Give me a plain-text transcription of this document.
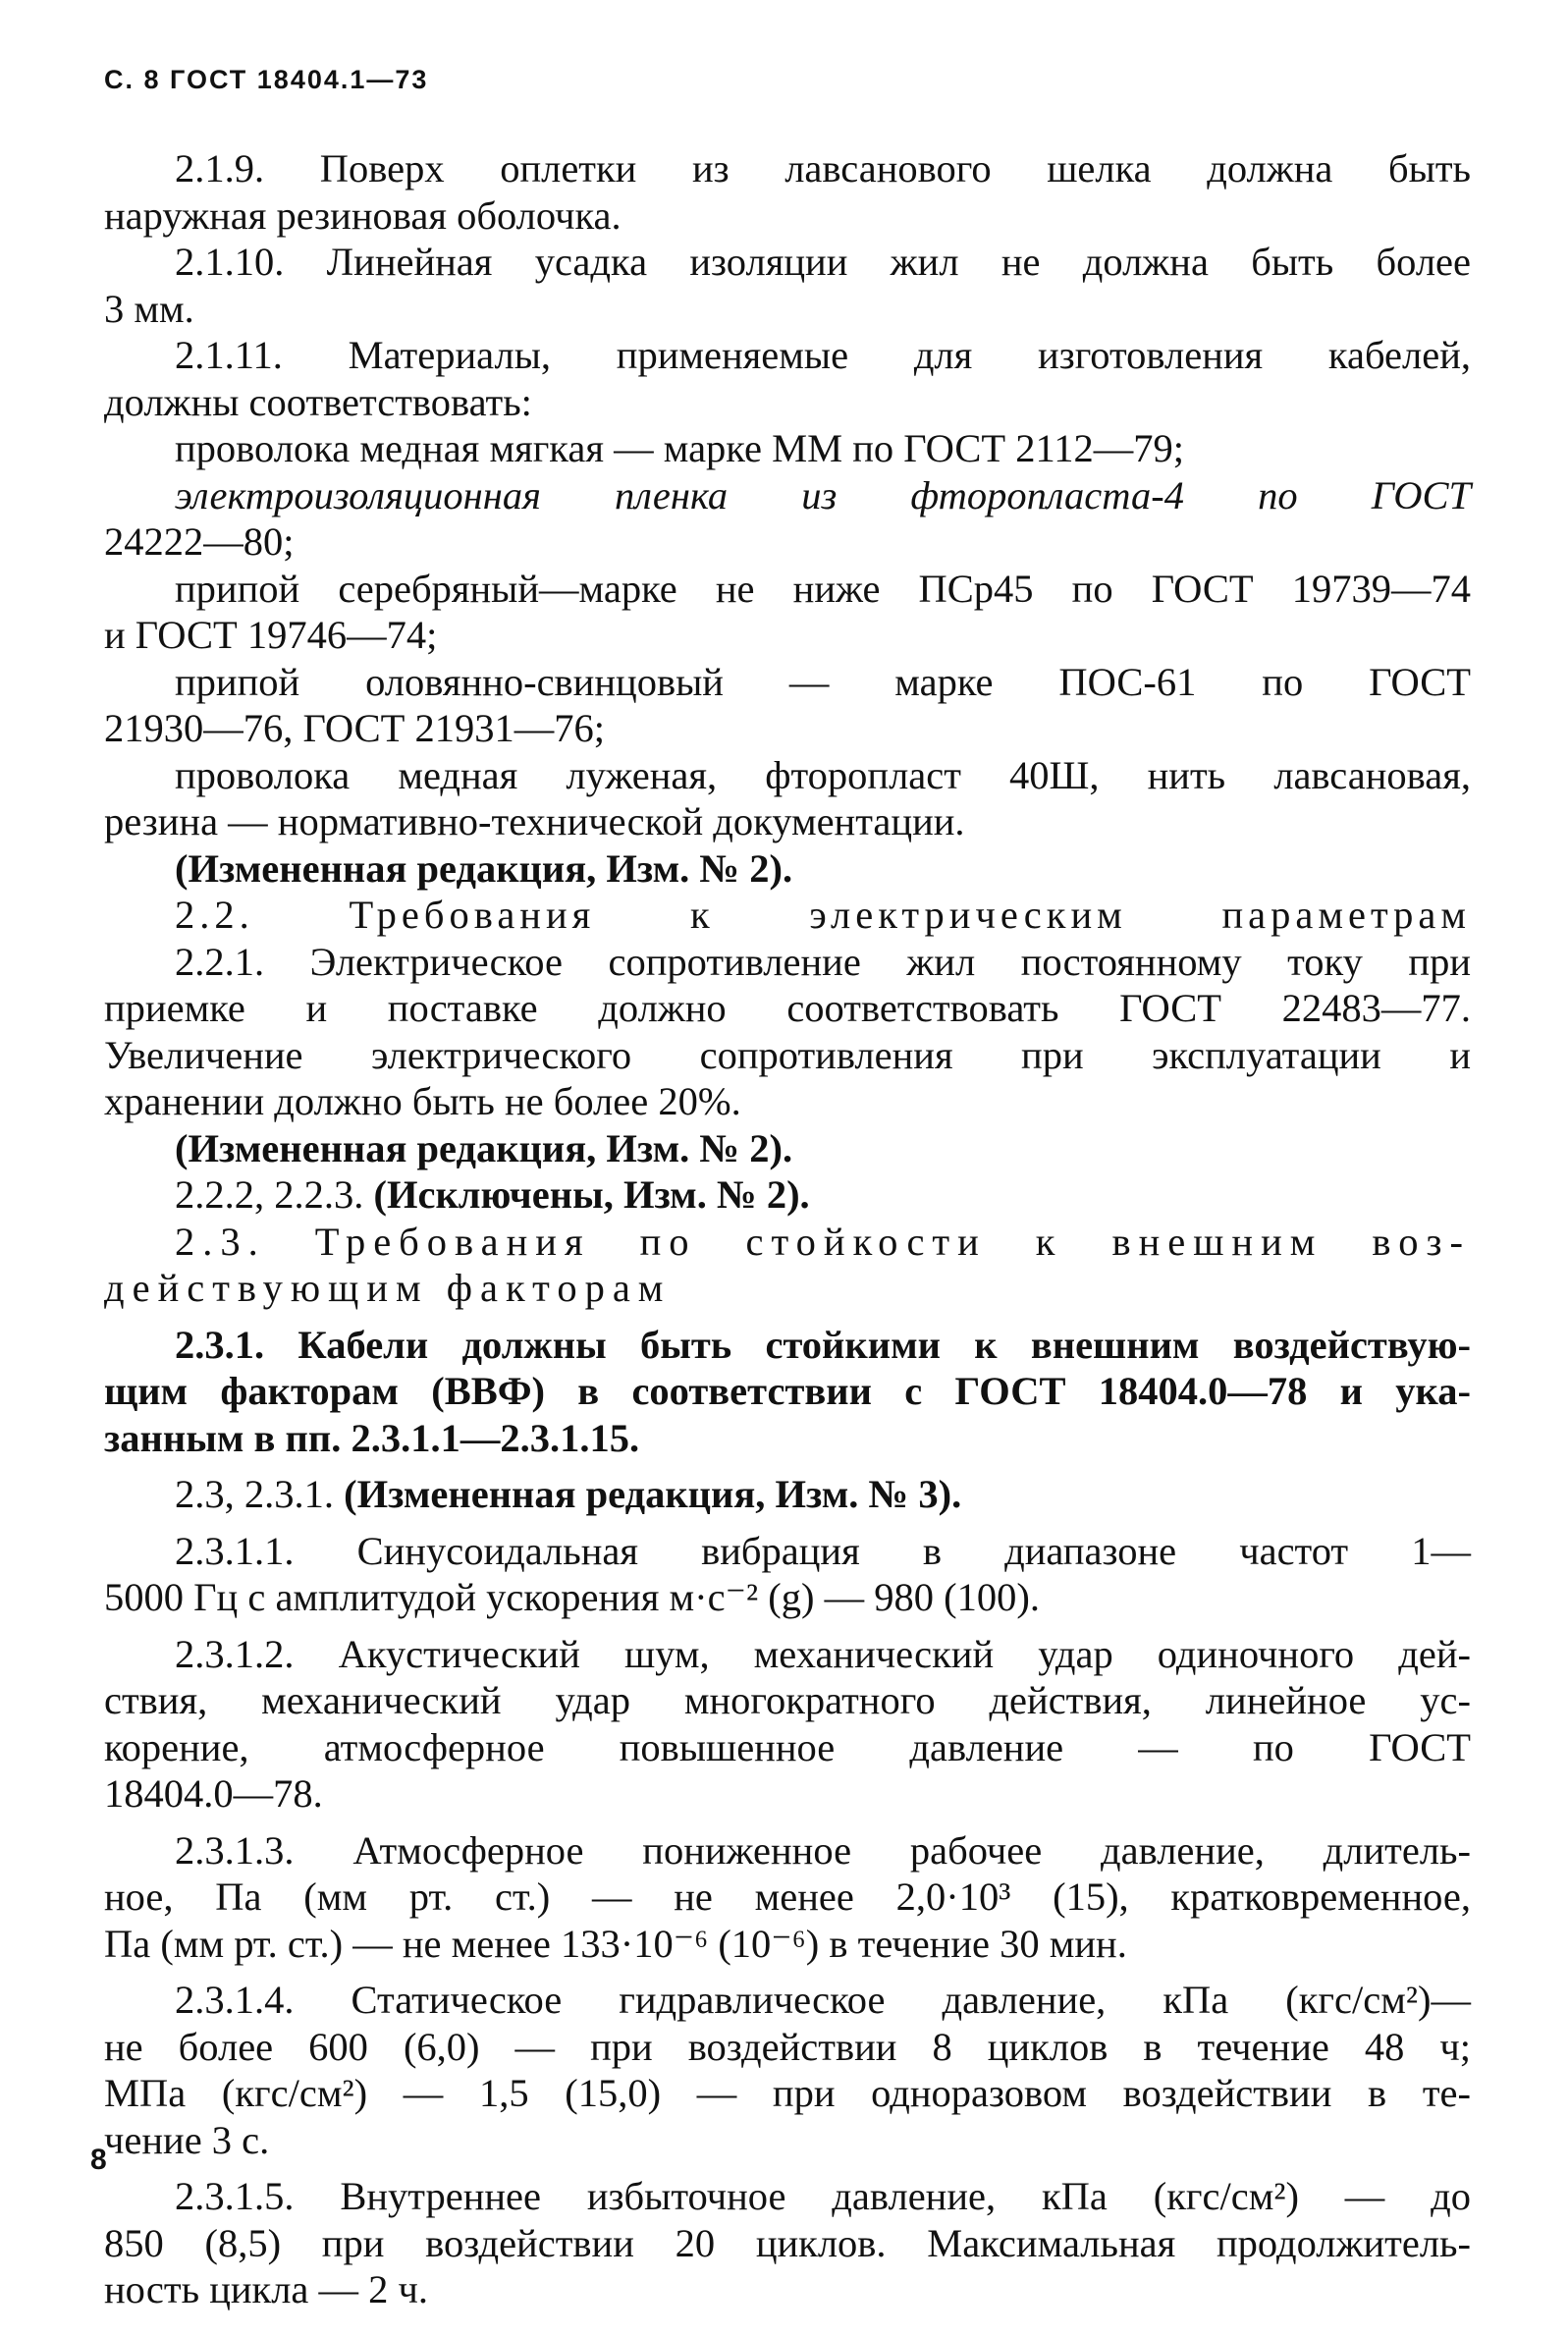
С. 8 ГОСТ 18404.1—73

2.1.9. Поверх оплетки из лавсанового шелка должна быть

наружная резиновая оболочка.

2.1.10. Линейная усадка изоляции жил не должна быть более

3 мм.

2.1.11. Материалы, применяемые для изготовления кабелей,

должны соответствовать:

проволока медная мягкая — марке ММ по ГОСТ 2112—79;

электроизоляционная пленка из фторопласта-4 по ГОСТ

24222—80;

припой серебряный—марке не ниже ПСр45 по ГОСТ 19739—74

и ГОСТ 19746—74;

припой оловянно-свинцовый — марке ПОС-61 по ГОСТ

21930—76, ГОСТ 21931—76;

проволока медная луженая, фторопласт 40Ш, нить лавсановая,

резина — нормативно-технической документации.

(Измененная редакция, Изм. № 2).

2.2. Требования к электрическим параметрам

2.2.1. Электрическое сопротивление жил постоянному току при

приемке и поставке должно соответствовать ГОСТ 22483—77.

Увеличение электрического сопротивления при эксплуатации и

хранении должно быть не более 20%.

(Измененная редакция, Изм. № 2).

2.2.2, 2.2.3. (Исключены, Изм. № 2).

2.3. Требования по стойкости к внешним воз-

действующим факторам

2.3.1. Кабели должны быть стойкими к внешним воздействую-

щим факторам (ВВФ) в соответствии с ГОСТ 18404.0—78 и ука-

занным в пп. 2.3.1.1—2.3.1.15.

2.3, 2.3.1. (Измененная редакция, Изм. № 3).

2.3.1.1. Синусоидальная вибрация в диапазоне частот 1—

5000 Гц с амплитудой ускорения м·с⁻² (g) — 980 (100).

2.3.1.2. Акустический шум, механический удар одиночного дей-

ствия, механический удар многократного действия, линейное ус-

корение, атмосферное повышенное давление — по ГОСТ

18404.0—78.

2.3.1.3. Атмосферное пониженное рабочее давление, длитель-

ное, Па (мм рт. ст.) — не менее 2,0·10³ (15), кратковременное,

Па (мм рт. ст.) — не менее 133·10⁻⁶ (10⁻⁶) в течение 30 мин.

2.3.1.4. Статическое гидравлическое давление, кПа (кгс/см²)—

не более 600 (6,0) — при воздействии 8 циклов в течение 48 ч;

МПа (кгс/см²) — 1,5 (15,0) — при одноразовом воздействии в те-

чение 3 с.

2.3.1.5. Внутреннее избыточное давление, кПа (кгс/см²) — до

850 (8,5) при воздействии 20 циклов. Максимальная продолжитель-

ность цикла — 2 ч.

8
